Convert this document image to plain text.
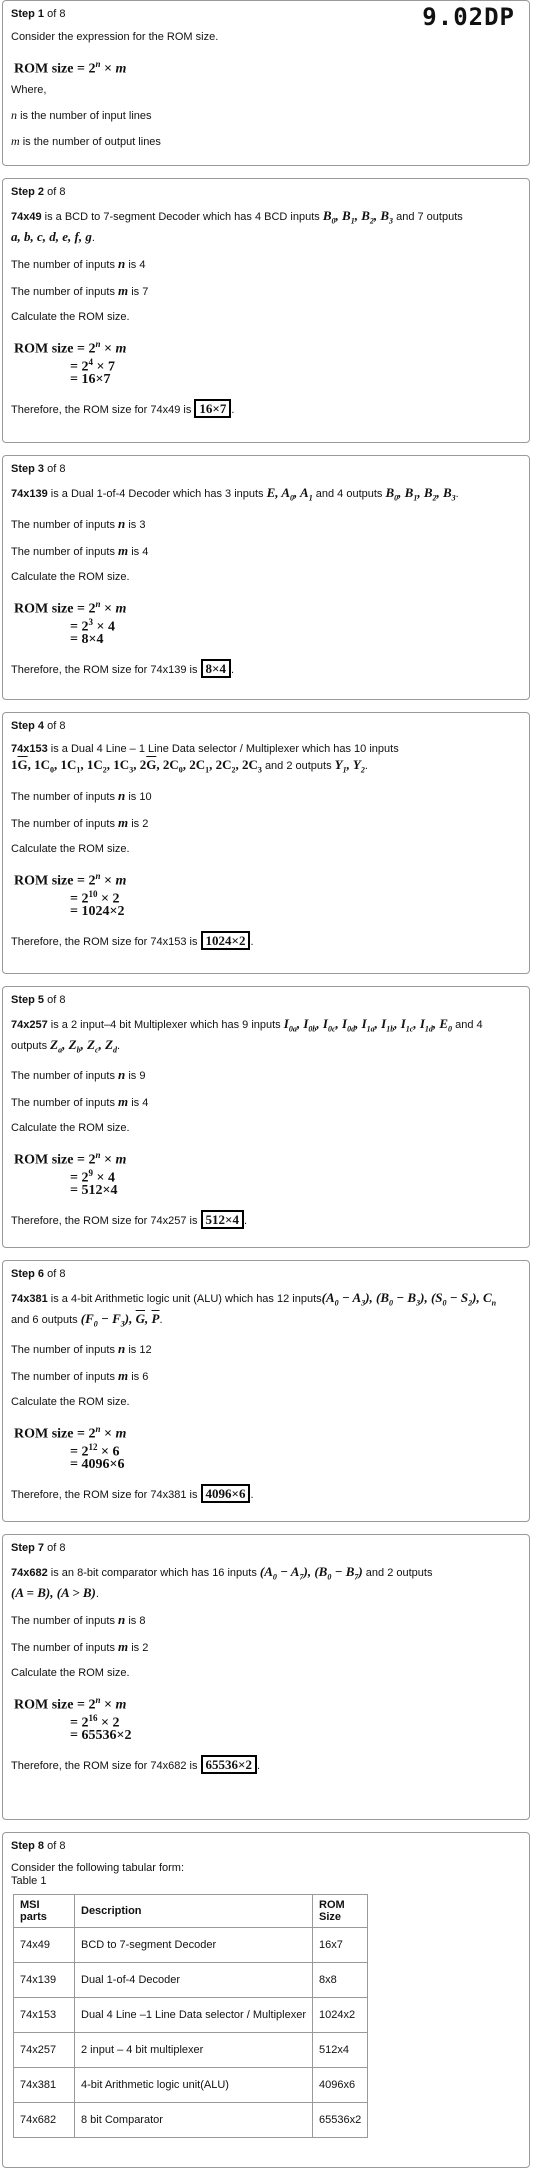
9.02DP
Step 1 of 8

Consider the expression for the ROM size.

ROM size = $2^n \times m$

Where,

n is the number of input lines

m is the number of output lines

Step 2 of 8

74x49 is a BCD to 7-segment Decoder which has 4 BCD inputs $B_0$, $B_1$, $B_2$, $B_3$ and 7 outputs
a, b, c, d, e, f, g.

The number of inputs n is 4

The number of inputs m is 7

Calculate the ROM size.

ROM size = $2^n \times m$
= $2^4 \times 7$
= 16×7

Therefore, the ROM size for 74x49 is 16×7 .

Step 3 of 8

74x139 is a Dual 1-of-4 Decoder which has 3 inputs E, $A_0$, $A_1$ and 4 outputs $B_0$, $B_1$, $B_2$, $B_3$.

The number of inputs n is 3

The number of inputs m is 4

Calculate the ROM size.

ROM size = $2^n \times m$
= $2^3 \times 4$
= 8×4

Therefore, the ROM size for 74x139 is 8×4 .

Step 4 of 8

74x153 is a Dual 4 Line – 1 Line Data selector / Multiplexer which has 10 inputs
$1\overline{G}$, $1C_0$, $1C_1$, $1C_2$, $1C_3$, $2\overline{G}$, $2C_0$, $2C_1$, $2C_2$, $2C_3$ and 2 outputs $Y_1$, $Y_2$.

The number of inputs n is 10

The number of inputs m is 2

Calculate the ROM size.

ROM size = $2^n \times m$
= $2^{10} \times 2$
= 1024×2

Therefore, the ROM size for 74x153 is 1024×2 .

Step 5 of 8

74x257 is a 2 input–4 bit Multiplexer which has 9 inputs $I_{0a}$, $I_{0b}$, $I_{0c}$, $I_{0d}$, $I_{1a}$, $I_{1b}$, $I_{1c}$, $I_{1d}$, $E_0$ and 4
outputs $Z_a$, $Z_b$, $Z_c$, $Z_d$.

The number of inputs n is 9

The number of inputs m is 4

Calculate the ROM size.

ROM size = $2^n \times m$
= $2^9 \times 4$
= 512×4

Therefore, the ROM size for 74x257 is 512×4 .

Step 6 of 8

74x381 is a 4-bit Arithmetic logic unit (ALU) which has 12 $inputs(A_0 - A_3)$, $(B_0 - B_3)$, $(S_0 - S_2)$, $C_n$
and 6 outputs $(F_0 - F_3)$, $\overline{G}$, $\overline{P}$.

The number of inputs n is 12

The number of inputs m is 6

Calculate the ROM size.

ROM size = $2^n \times m$
= $2^{12} \times 6$
= 4096×6

Therefore, the ROM size for 74x381 is 4096×6 .

Step 7 of 8

74x682 is an 8-bit comparator which has 16 inputs $(A_0 - A_7)$, $(B_0 - B_7)$ and 2 outputs
(A = B), (A > B).

The number of inputs n is 8

The number of inputs m is 2

Calculate the ROM size.

ROM size = $2^n \times m$
= $2^{16} \times 2$
= 65536×2

Therefore, the ROM size for 74x682 is 65536×2 .

Step 8 of 8
Consider the following tabular form:
Table 1
MSI parts	Description	ROM Size
74x49	BCD to 7-segment Decoder	16x7
74x139	Dual 1-of-4 Decoder	8x8
74x153	Dual 4 Line –1 Line Data selector / Multiplexer	1024x2
74x257	2 input – 4 bit multiplexer	512x4
74x381	4-bit Arithmetic logic unit(ALU)	4096x6
74x682	8 bit Comparator	65536x2
